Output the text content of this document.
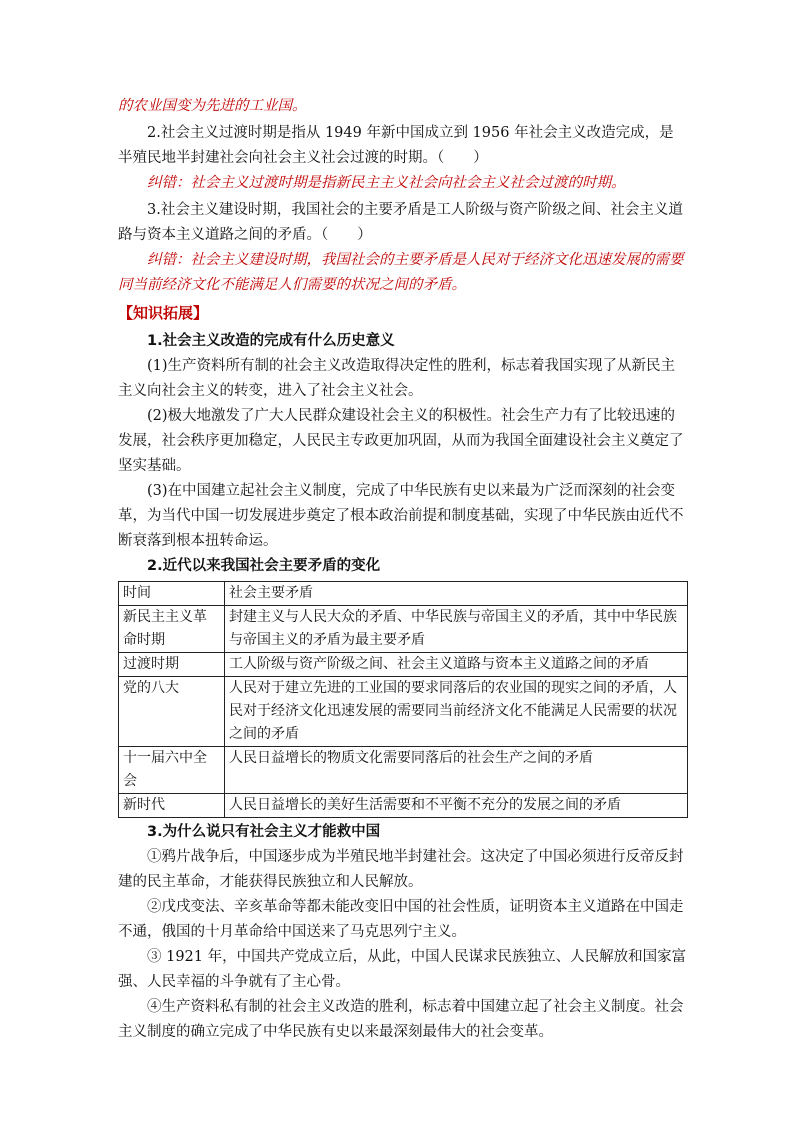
的农业国变为先进的工业国。

2.社会主义过渡时期是指从 1949 年新中国成立到 1956 年社会主义改造完成，是半殖民地半封建社会向社会主义社会过渡的时期。（　　）

纠错：社会主义过渡时期是指新民主主义社会向社会主义社会过渡的时期。

3.社会主义建设时期，我国社会的主要矛盾是工人阶级与资产阶级之间、社会主义道路与资本主义道路之间的矛盾。（　　）

纠错：社会主义建设时期，我国社会的主要矛盾是人民对于经济文化迅速发展的需要同当前经济文化不能满足人们需要的状况之间的矛盾。

【知识拓展】

1.社会主义改造的完成有什么历史意义

(1)生产资料所有制的社会主义改造取得决定性的胜利，标志着我国实现了从新民主主义向社会主义的转变，进入了社会主义社会。

(2)极大地激发了广大人民群众建设社会主义的积极性。社会生产力有了比较迅速的发展，社会秩序更加稳定，人民民主专政更加巩固，从而为我国全面建设社会主义奠定了坚实基础。

(3)在中国建立起社会主义制度，完成了中华民族有史以来最为广泛而深刻的社会变革，为当代中国一切发展进步奠定了根本政治前提和制度基础，实现了中华民族由近代不断衰落到根本扭转命运。

2.近代以来我国社会主要矛盾的变化

时间	社会主要矛盾
新民主主义革命时期	封建主义与人民大众的矛盾、中华民族与帝国主义的矛盾，其中中华民族与帝国主义的矛盾为最主要矛盾
过渡时期	工人阶级与资产阶级之间、社会主义道路与资本主义道路之间的矛盾
党的八大	人民对于建立先进的工业国的要求同落后的农业国的现实之间的矛盾，人民对于经济文化迅速发展的需要同当前经济文化不能满足人民需要的状况之间的矛盾
十一届六中全会	人民日益增长的物质文化需要同落后的社会生产之间的矛盾
新时代	人民日益增长的美好生活需要和不平衡不充分的发展之间的矛盾

3.为什么说只有社会主义才能救中国

①鸦片战争后，中国逐步成为半殖民地半封建社会。这决定了中国必须进行反帝反封建的民主革命，才能获得民族独立和人民解放。

②戊戌变法、辛亥革命等都未能改变旧中国的社会性质，证明资本主义道路在中国走不通，俄国的十月革命给中国送来了马克思列宁主义。

③ 1921 年，中国共产党成立后，从此，中国人民谋求民族独立、人民解放和国家富强、人民幸福的斗争就有了主心骨。

④生产资料私有制的社会主义改造的胜利，标志着中国建立起了社会主义制度。社会主义制度的确立完成了中华民族有史以来最深刻最伟大的社会变革。
